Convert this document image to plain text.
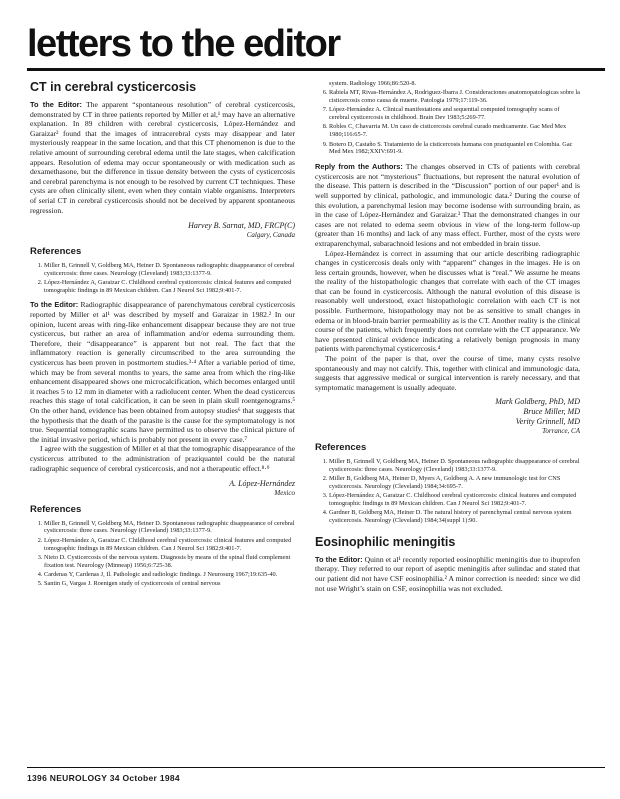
letters to the editor
CT in cerebral cysticercosis

To the Editor: The apparent “spontaneous resolution” of cerebral cysticercosis, demonstrated by CT in three patients reported by Miller et al,¹ may have an alternative explanation. In 89 children with cerebral cysticercosis, López-Hernández and Garaizar² found that the images of intracerebral cysts may disappear and later mysteriously reappear in the same location, and that this CT phenomenon is due to the relative amount of surrounding cerebral edema until the late stages, when calcification appears. Resolution of edema may occur spontaneously or with medication such as dexamethasone, but the difference in tissue density between the cysts of cysticercosis and cerebral parenchyma is not enough to be resolved by current CT techniques. These cysts are often clinically silent, even when they contain viable organisms. Interpreters of serial CT in cerebral cysticercosis should not be deceived by apparent spontaneous regression.

Harvey B. Sarnat, MD, FRCP(C)
Calgary, Canada
References
1. Miller B, Grinnell V, Goldberg MA, Heiner D. Spontaneous radiographic disappearance of cerebral cysticercosis: three cases. Neurology (Cleveland) 1983;33:1377-9.
2. López-Hernández A, Garaizar C. Childhood cerebral cysticercosis: clinical features and computed tomographic findings in 89 Mexican children. Can J Neurol Sci 1982;9:401-7.

To the Editor: Radiographic disappearance of parenchymatous cerebral cysticercosis reported by Miller et al¹ was described by myself and Garaizar in 1982.² In our opinion, lucent areas with ring-like enhancement disappear because they are not true cysticercus, but rather an area of inflammation and/or edema surrounding them. Therefore, their “disappearance” is apparent but not real. The fact that the inflammatory reaction is generally circumscribed to the area surrounding the cysticercus has been proven in postmortem studies.³·⁴ After a variable period of time, which may be from several months to years, the same area from which the ring-like enhancement disappeared shows one microcalcification, which becomes enlarged until it reaches 5 to 12 mm in diameter with a radiolucent center. When the dead cysticercus reaches this stage of total calcification, it can be seen in plain skull roentgenograms.⁵ On the other hand, evidence has been obtained from autopsy studies⁶ that suggests that the hypothesis that the death of the parasite is the cause for the symptomatology is not true. Sequential tomographic scans have permitted us to observe the clinical picture of the initial invasive period, which is probably not present in every case.⁷

I agree with the suggestion of Miller et al that the tomographic disappearance of the cysticercus attributed to the administration of praziquantel could be the natural radiographic sequence of cerebral cysticercosis, and not a therapeutic effect.⁸·⁹

A. López-Hernández
Mexico
References
1. Miller B, Grinnell V, Goldberg MA, Heiner D. Spontaneous radiographic disappearance of cerebral cysticercosis: three cases. Neurology (Cleveland) 1983;33:1377-9.
2. López-Hernández A, Garaizar C. Childhood cerebral cysticercosis: clinical features and computed tomographic findings in 89 Mexican children. Can J Neurol Sci 1982;9:401-7.
3. Nieto D. Cysticercosis of the nervous system. Diagnosis by means of the spinal fluid complement fixation test. Neurology (Minneap) 1956;6:725-38.
4. Cardenas Y, Cardenas J, Il. Pathologic and radiologic findings. J Neurosurg 1967;19:635-40.
5. Santin G, Vargas J. Roentgen study of cysticercosis of central nervous
system. Radiology 1966;86:520-8.
6. Rabiela MT, Rivas-Hernández A, Rodriguez-Ibarra J. Consideraciones anatomopatologicas sobre la cisticercosis como causa de muerte. Patologia 1979;17:119-36.
7. López-Hernández A. Clinical manifestations and sequential computed tomography scans of cerebral cysticercosis in childhood. Brain Dev 1983;5:269-77.
8. Robles C, Chavarria M. Un caso de cisticercosis cerebral curado medicamente. Gac Med Mex 1980;116:65-7.
9. Botero D, Castaño S. Tratamiento de la cisticercosis humana con praziquantel en Colombia. Gac Med Mex 1982;XXIV:691-9.

Reply from the Authors: The changes observed in CTs of patients with cerebral cysticercosis are not “mysterious” fluctuations, but represent the natural evolution of the disease. This pattern is described in the “Discussion” portion of our paper¹ and is well supported by clinical, pathologic, and immunologic data.² During the course of this evolution, a parenchymal lesion may become isodense with surrounding brain, as in the case of López-Hernández and Garaizar.³ That the demonstrated changes in our cases are not related to edema seem obvious in view of the long-term follow-up (greater than 16 months) and lack of any mass effect. Further, most of the cysts were extraparenchymal, subarachnoid lesions and not embedded in brain tissue.

López-Hernández is correct in assuming that our article describing radiographic changes in cysticercosis deals only with “apparent” changes in the images. He is on less certain grounds, however, when he discusses what is “real.” We assume he means the reality of the histopathologic changes that correlate with each of the CT images that can be found in cysticercosis. Although the natural evolution of this disease is reasonably well understood, exact histopathologic correlation with each CT is not possible. Furthermore, histopathology may not be as sensitive to small changes in edema or in blood-brain barrier permeability as is the CT. Another reality is the clinical course of the patients, which frequently does not correlate with the CT appearance. We have presented clinical evidence indicating a relatively benign prognosis in many patients with parenchymal cysticercosis.⁴

The point of the paper is that, over the course of time, many cysts resolve spontaneously and may not calcify. This, together with clinical and immunologic data, suggests that aggressive medical or surgical intervention is rarely necessary, and that symptomatic management is usually adequate.

Mark Goldberg, PhD, MD
Bruce Miller, MD
Verity Grinnell, MD
Torrance, CA
References
1. Miller B, Grinnell V, Goldberg MA, Heiner D. Spontaneous radiographic disappearance of cerebral cysticercosis: three cases. Neurology (Cleveland) 1983;33:1377-9.
2. Miller B, Goldberg MA, Heiner D, Myers A, Goldberg A. A new immunologic test for CNS cysticercosis. Neurology (Cleveland) 1984;34:695-7.
3. López-Hernández A, Garaizar C. Childhood cerebral cysticercosis: clinical features and computed tomographic findings in 89 Mexican children. Can J Neurol Sci 1982;9:401-7.
4. Gardner B, Goldberg MA, Heiner D. The natural history of parenchymal central nervous system cysticercosis. Neurology (Cleveland) 1984;34(suppl 1):90.
Eosinophilic meningitis

To the Editor: Quinn et al¹ recently reported eosinophilic meningitis due to ibuprofen therapy. They referred to our report of aseptic meningitis after sulindac and stated that our patient did not have CSF eosinophilia.² A minor correction is needed: since we did not use Wright’s stain on CSF, eosinophilia was not excluded.

1396 NEUROLOGY 34 October 1984
